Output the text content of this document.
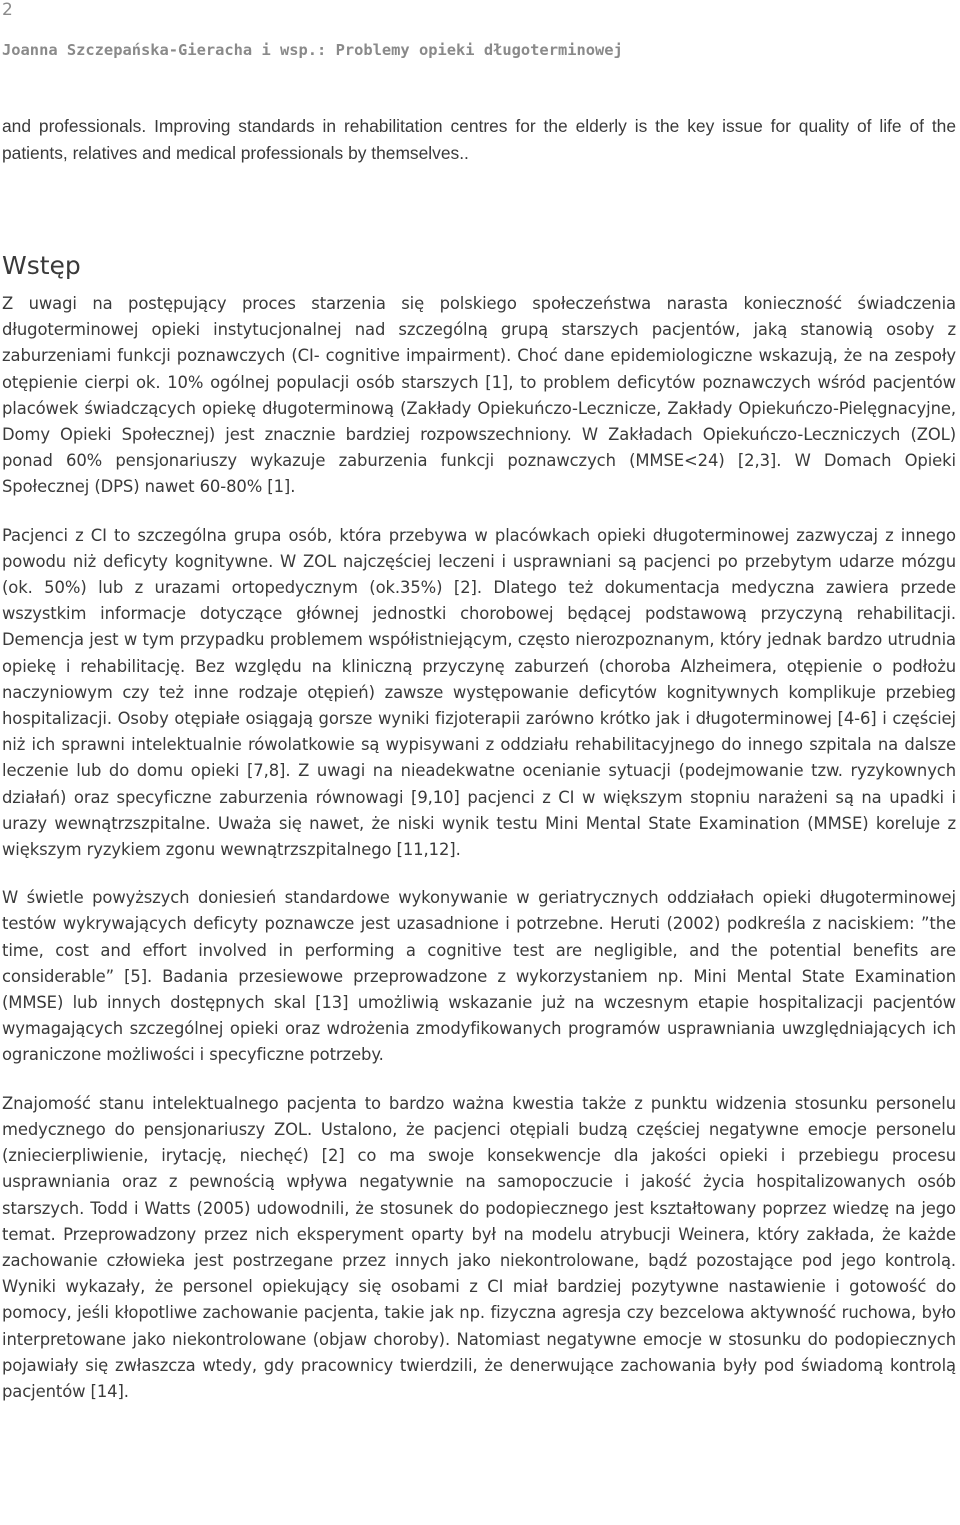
2
Joanna Szczepańska-Gieracha i wsp.: Problemy opieki długoterminowej
and professionals. Improving standards in rehabilitation centres for the elderly is the key issue for quality of life of the patients, relatives and medical professionals by themselves..
Wstęp

Z uwagi na postępujący proces starzenia się polskiego społeczeństwa narasta konieczność świadczenia długoterminowej opieki instytucjonalnej nad szczególną grupą starszych pacjentów, jaką stanowią osoby z zaburzeniami funkcji poznawczych (CI- cognitive impairment). Choć dane epidemiologiczne wskazują, że na zespoły otępienie cierpi ok. 10% ogólnej populacji osób starszych [1], to problem deficytów poznawczych wśród pacjentów placówek świadczących opiekę długoterminową (Zakłady Opiekuńczo-Lecznicze, Zakłady Opiekuńczo-Pielęgnacyjne, Domy Opieki Społecznej) jest znacznie bardziej rozpowszechniony. W Zakładach Opiekuńczo-Leczniczych (ZOL) ponad 60% pensjonariuszy wykazuje zaburzenia funkcji poznawczych (MMSE<24) [2,3]. W Domach Opieki Społecznej (DPS) nawet 60-80% [1].

Pacjenci z CI to szczególna grupa osób, która przebywa w placówkach opieki długoterminowej zazwyczaj z innego powodu niż deficyty kognitywne. W ZOL najczęściej leczeni i usprawniani są pacjenci po przebytym udarze mózgu (ok. 50%) lub z urazami ortopedycznym (ok.35%) [2]. Dlatego też dokumentacja medyczna zawiera przede wszystkim informacje dotyczące głównej jednostki chorobowej będącej podstawową przyczyną rehabilitacji. Demencja jest w tym przypadku problemem współistniejącym, często nierozpoznanym, który jednak bardzo utrudnia opiekę i rehabilitację. Bez względu na kliniczną przyczynę zaburzeń (choroba Alzheimera, otępienie o podłożu naczyniowym czy też inne rodzaje otępień) zawsze występowanie deficytów kognitywnych komplikuje przebieg hospitalizacji. Osoby otępiałe osiągają gorsze wyniki fizjoterapii zarówno krótko jak i długoterminowej [4-6] i częściej niż ich sprawni intelektualnie rówolatkowie są wypisywani z oddziału rehabilitacyjnego do innego szpitala na dalsze leczenie lub do domu opieki [7,8]. Z uwagi na nieadekwatne ocenianie sytuacji (podejmowanie tzw. ryzykownych działań) oraz specyficzne zaburzenia równowagi [9,10] pacjenci z CI w większym stopniu narażeni są na upadki i urazy wewnątrzszpitalne. Uważa się nawet, że niski wynik testu Mini Mental State Examination (MMSE) koreluje z większym ryzykiem zgonu wewnątrzszpitalnego [11,12].

W świetle powyższych doniesień standardowe wykonywanie w geriatrycznych oddziałach opieki długoterminowej testów wykrywających deficyty poznawcze jest uzasadnione i potrzebne. Heruti (2002) podkreśla z naciskiem: ”the time, cost and effort involved in performing a cognitive test are negligible, and the potential benefits are considerable” [5]. Badania przesiewowe przeprowadzone z wykorzystaniem np. Mini Mental State Examination (MMSE) lub innych dostępnych skal [13] umożliwią wskazanie już na wczesnym etapie hospitalizacji pacjentów wymagających szczególnej opieki oraz wdrożenia zmodyfikowanych programów usprawniania uwzględniających ich ograniczone możliwości i specyficzne potrzeby.

Znajomość stanu intelektualnego pacjenta to bardzo ważna kwestia także z punktu widzenia stosunku personelu medycznego do pensjonariuszy ZOL. Ustalono, że pacjenci otępiali budzą częściej negatywne emocje personelu (zniecierpliwienie, irytację, niechęć) [2] co ma swoje konsekwencje dla jakości opieki i przebiegu procesu usprawniania oraz z pewnością wpływa negatywnie na samopoczucie i jakość życia hospitalizowanych osób starszych. Todd i Watts (2005) udowodnili, że stosunek do podopiecznego jest kształtowany poprzez wiedzę na jego temat. Przeprowadzony przez nich eksperyment oparty był na modelu atrybucji Weinera, który zakłada, że każde zachowanie człowieka jest postrzegane przez innych jako niekontrolowane, bądź pozostające pod jego kontrolą. Wyniki wykazały, że personel opiekujący się osobami z CI miał bardziej pozytywne nastawienie i gotowość do pomocy, jeśli kłopotliwe zachowanie pacjenta, takie jak np. fizyczna agresja czy bezcelowa aktywność ruchowa, było interpretowane jako niekontrolowane (objaw choroby). Natomiast negatywne emocje w stosunku do podopiecznych pojawiały się zwłaszcza wtedy, gdy pracownicy twierdzili, że denerwujące zachowania były pod świadomą kontrolą pacjentów [14].
